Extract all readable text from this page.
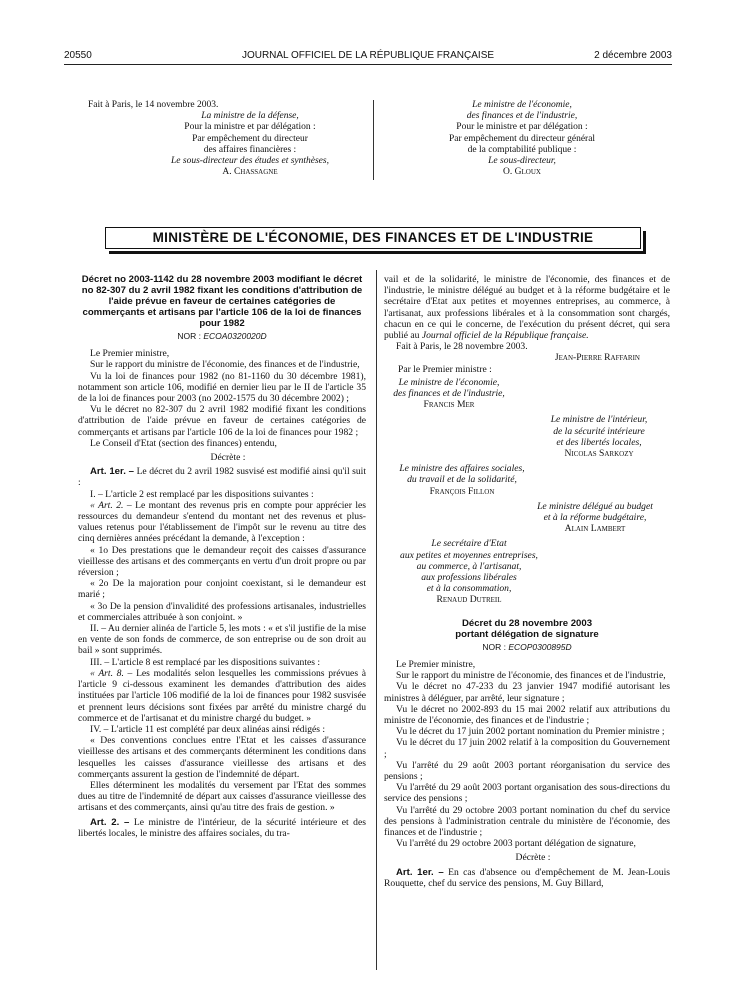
20550	JOURNAL OFFICIEL DE LA RÉPUBLIQUE FRANÇAISE	2 décembre 2003
Fait à Paris, le 14 novembre 2003.
La ministre de la défense,
Pour la ministre et par délégation :
Par empêchement du directeur
des affaires financières :
Le sous-directeur des études et synthèses,
A. Chassagne
Le ministre de l'économie,
des finances et de l'industrie,
Pour le ministre et par délégation :
Par empêchement du directeur général
de la comptabilité publique :
Le sous-directeur,
O. Gloux
MINISTÈRE DE L'ÉCONOMIE, DES FINANCES ET DE L'INDUSTRIE
Décret no 2003-1142 du 28 novembre 2003 modifiant le décret no 82-307 du 2 avril 1982 fixant les conditions d'attribution de l'aide prévue en faveur de certaines catégories de commerçants et artisans par l'article 106 de la loi de finances pour 1982
NOR : ECOA0320020D

Le Premier ministre,

Sur le rapport du ministre de l'économie, des finances et de l'industrie,

Vu la loi de finances pour 1982 (no 81-1160 du 30 décembre 1981), notamment son article 106, modifié en dernier lieu par le II de l'article 35 de la loi de finances pour 2003 (no 2002-1575 du 30 décembre 2002) ;

Vu le décret no 82-307 du 2 avril 1982 modifié fixant les conditions d'attribution de l'aide prévue en faveur de certaines catégories de commerçants et artisans par l'article 106 de la loi de finances pour 1982 ;

Le Conseil d'Etat (section des finances) entendu,

Décrète :

Art. 1er. – Le décret du 2 avril 1982 susvisé est modifié ainsi qu'il suit :

I. – L'article 2 est remplacé par les dispositions suivantes :

« Art. 2. – Le montant des revenus pris en compte pour apprécier les ressources du demandeur s'entend du montant net des revenus et plus-values retenus pour l'établissement de l'impôt sur le revenu au titre des cinq dernières années précédant la demande, à l'exception :

« 1o Des prestations que le demandeur reçoit des caisses d'assurance vieillesse des artisans et des commerçants en vertu d'un droit propre ou par réversion ;

« 2o De la majoration pour conjoint coexistant, si le demandeur est marié ;

« 3o De la pension d'invalidité des professions artisanales, industrielles et commerciales attribuée à son conjoint. »

II. – Au dernier alinéa de l'article 5, les mots : « et s'il justifie de la mise en vente de son fonds de commerce, de son entreprise ou de son droit au bail » sont supprimés.

III. – L'article 8 est remplacé par les dispositions suivantes :

« Art. 8. – Les modalités selon lesquelles les commissions prévues à l'article 9 ci-dessous examinent les demandes d'attribution des aides instituées par l'article 106 modifié de la loi de finances pour 1982 susvisée et prennent leurs décisions sont fixées par arrêté du ministre chargé du commerce et de l'artisanat et du ministre chargé du budget. »

IV. – L'article 11 est complété par deux alinéas ainsi rédigés :

« Des conventions conclues entre l'Etat et les caisses d'assurance vieillesse des artisans et des commerçants déterminent les conditions dans lesquelles les caisses d'assurance vieillesse des artisans et des commerçants assurent la gestion de l'indemnité de départ.

Elles déterminent les modalités du versement par l'Etat des sommes dues au titre de l'indemnité de départ aux caisses d'assurance vieillesse des artisans et des commerçants, ainsi qu'au titre des frais de gestion. »

Art. 2. – Le ministre de l'intérieur, de la sécurité intérieure et des libertés locales, le ministre des affaires sociales, du tra-

vail et de la solidarité, le ministre de l'économie, des finances et de l'industrie, le ministre délégué au budget et à la réforme budgétaire et le secrétaire d'Etat aux petites et moyennes entreprises, au commerce, à l'artisanat, aux professions libérales et à la consommation sont chargés, chacun en ce qui le concerne, de l'exécution du présent décret, qui sera publié au Journal officiel de la République française.

Fait à Paris, le 28 novembre 2003.

Jean-Pierre Raffarin
Par le Premier ministre :
Le ministre de l'économie,
des finances et de l'industrie,
Francis Mer
Le ministre de l'intérieur,
de la sécurité intérieure
et des libertés locales,
Nicolas Sarkozy
Le ministre des affaires sociales,
du travail et de la solidarité,
François Fillon
Le ministre délégué au budget
et à la réforme budgétaire,
Alain Lambert
Le secrétaire d'Etat
aux petites et moyennes entreprises,
au commerce, à l'artisanat,
aux professions libérales
et à la consommation,
Renaud Dutreil
Décret du 28 novembre 2003
portant délégation de signature
NOR : ECOP0300895D

Le Premier ministre,

Sur le rapport du ministre de l'économie, des finances et de l'industrie,

Vu le décret no 47-233 du 23 janvier 1947 modifié autorisant les ministres à déléguer, par arrêté, leur signature ;

Vu le décret no 2002-893 du 15 mai 2002 relatif aux attributions du ministre de l'économie, des finances et de l'industrie ;

Vu le décret du 17 juin 2002 portant nomination du Premier ministre ;

Vu le décret du 17 juin 2002 relatif à la composition du Gouvernement ;

Vu l'arrêté du 29 août 2003 portant réorganisation du service des pensions ;

Vu l'arrêté du 29 août 2003 portant organisation des sous-directions du service des pensions ;

Vu l'arrêté du 29 octobre 2003 portant nomination du chef du service des pensions à l'administration centrale du ministère de l'économie, des finances et de l'industrie ;

Vu l'arrêté du 29 octobre 2003 portant délégation de signature,

Décrète :

Art. 1er. – En cas d'absence ou d'empêchement de M. Jean-Louis Rouquette, chef du service des pensions, M. Guy Billard,
